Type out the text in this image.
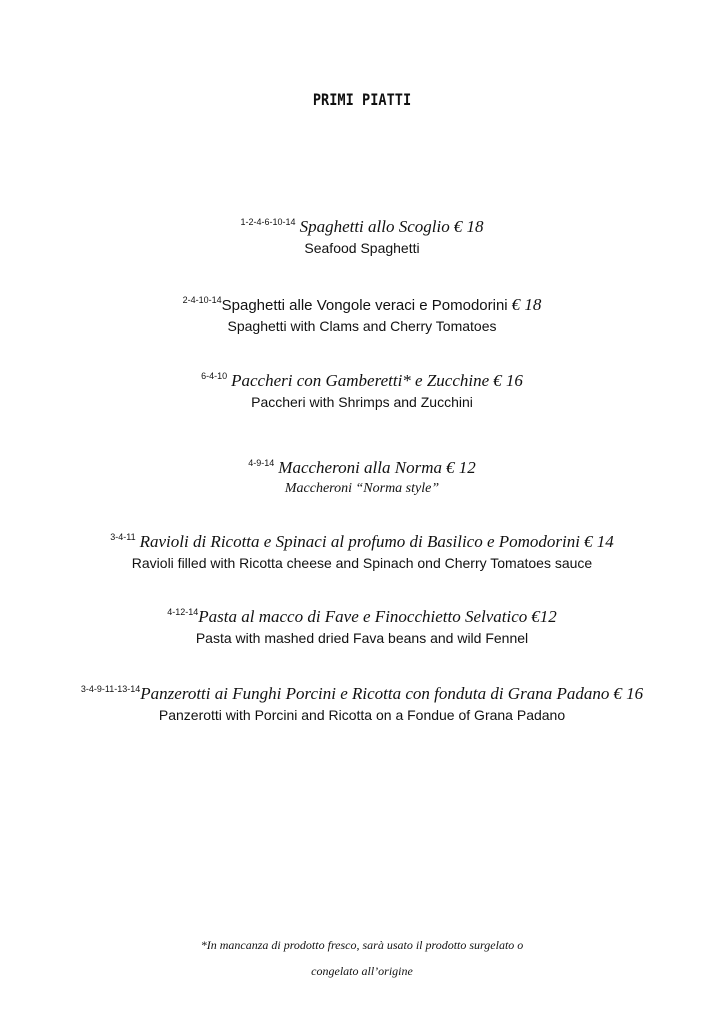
PRIMI PIATTI
$^{1-2-4-6-10-14}$ Spaghetti allo Scoglio € 18
Seafood Spaghetti
$^{2-4-10-14}$Spaghetti alle Vongole veraci e Pomodorini € 18
Spaghetti with Clams and Cherry Tomatoes
$^{6-4-10}$ Paccheri con Gamberetti* e Zucchine € 16
Paccheri with Shrimps and Zucchini
$^{4-9-14}$ Maccheroni alla Norma € 12
Maccheroni “Norma style”
$^{3-4-11}$ Ravioli di Ricotta e Spinaci al profumo di Basilico e Pomodorini € 14
Ravioli filled with Ricotta cheese and Spinach ond Cherry Tomatoes sauce
$^{4-12-14}$Pasta al macco di Fave e Finocchietto Selvatico €12
Pasta with mashed dried Fava beans and wild Fennel
$^{3-4-9-11-13-14}$Panzerotti ai Funghi Porcini e Ricotta con fonduta di Grana Padano € 16
Panzerotti with Porcini and Ricotta on a Fondue of Grana Padano
*In mancanza di prodotto fresco, sarà usato il prodotto surgelato o
congelato all’origine
